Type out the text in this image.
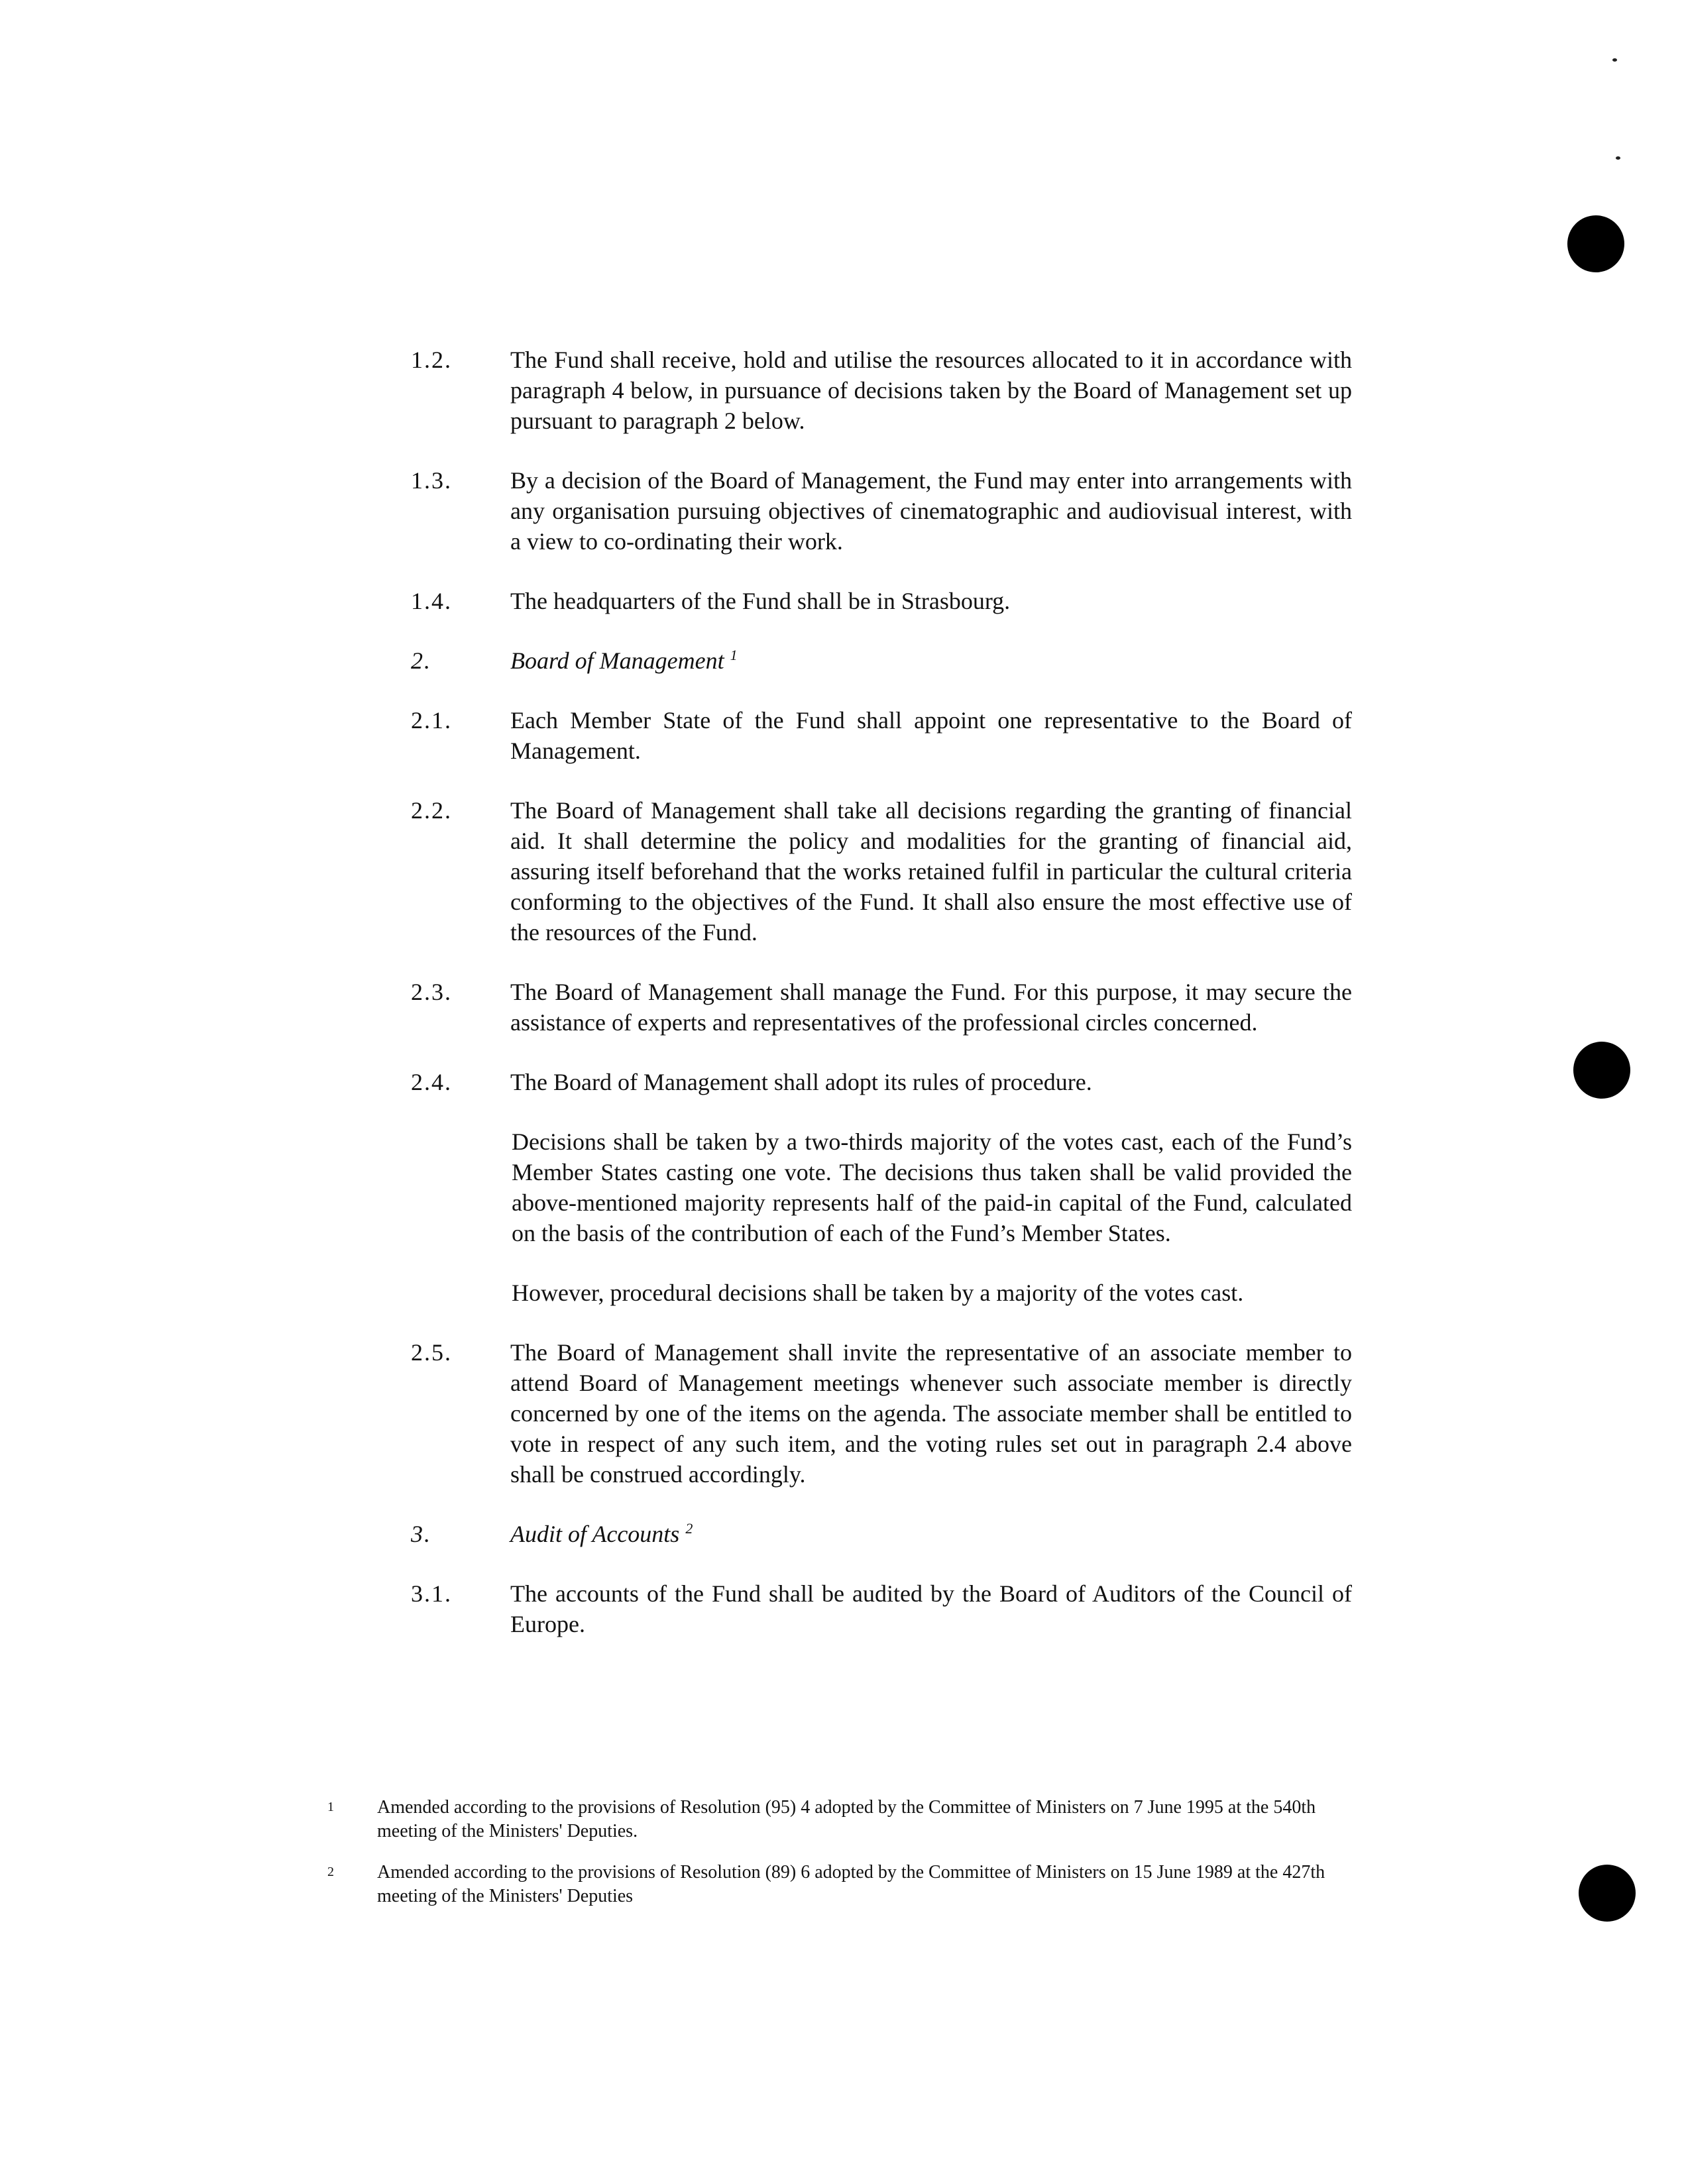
1.2.	The Fund shall receive, hold and utilise the resources allocated to it in accordance with paragraph 4 below, in pursuance of decisions taken by the Board of Management set up pursuant to paragraph 2 below.
1.3.	By a decision of the Board of Management, the Fund may enter into arrangements with any organisation pursuing objectives of cinematographic and audiovisual interest, with a view to co-ordinating their work.
1.4.	The headquarters of the Fund shall be in Strasbourg.
2.	Board of Management $^1$
2.1.	Each Member State of the Fund shall appoint one representative to the Board of Management.
2.2.	The Board of Management shall take all decisions regarding the granting of financial aid. It shall determine the policy and modalities for the granting of financial aid, assuring itself beforehand that the works retained fulfil in particular the cultural criteria conforming to the objectives of the Fund. It shall also ensure the most effective use of the resources of the Fund.
2.3.	The Board of Management shall manage the Fund. For this purpose, it may secure the assistance of experts and representatives of the professional circles concerned.
2.4.	The Board of Management shall adopt its rules of procedure.
Decisions shall be taken by a two-thirds majority of the votes cast, each of the Fund’s Member States casting one vote. The decisions thus taken shall be valid provided the above-mentioned majority represents half of the paid-in capital of the Fund, calculated on the basis of the contribution of each of the Fund’s Member States.
However, procedural decisions shall be taken by a majority of the votes cast.
2.5.	The Board of Management shall invite the representative of an associate member to attend Board of Management meetings whenever such associate member is directly concerned by one of the items on the agenda. The associate member shall be entitled to vote in respect of any such item, and the voting rules set out in paragraph 2.4 above shall be construed accordingly.
3.	Audit of Accounts $^2$
3.1.	The accounts of the Fund shall be audited by the Board of Auditors of the Council of Europe.
1	Amended according to the provisions of Resolution (95) 4 adopted by the Committee of Ministers on 7 June 1995 at the 540th meeting of the Ministers' Deputies.
2	Amended according to the provisions of Resolution (89) 6 adopted by the Committee of Ministers on 15 June 1989 at the 427th meeting of the Ministers' Deputies
